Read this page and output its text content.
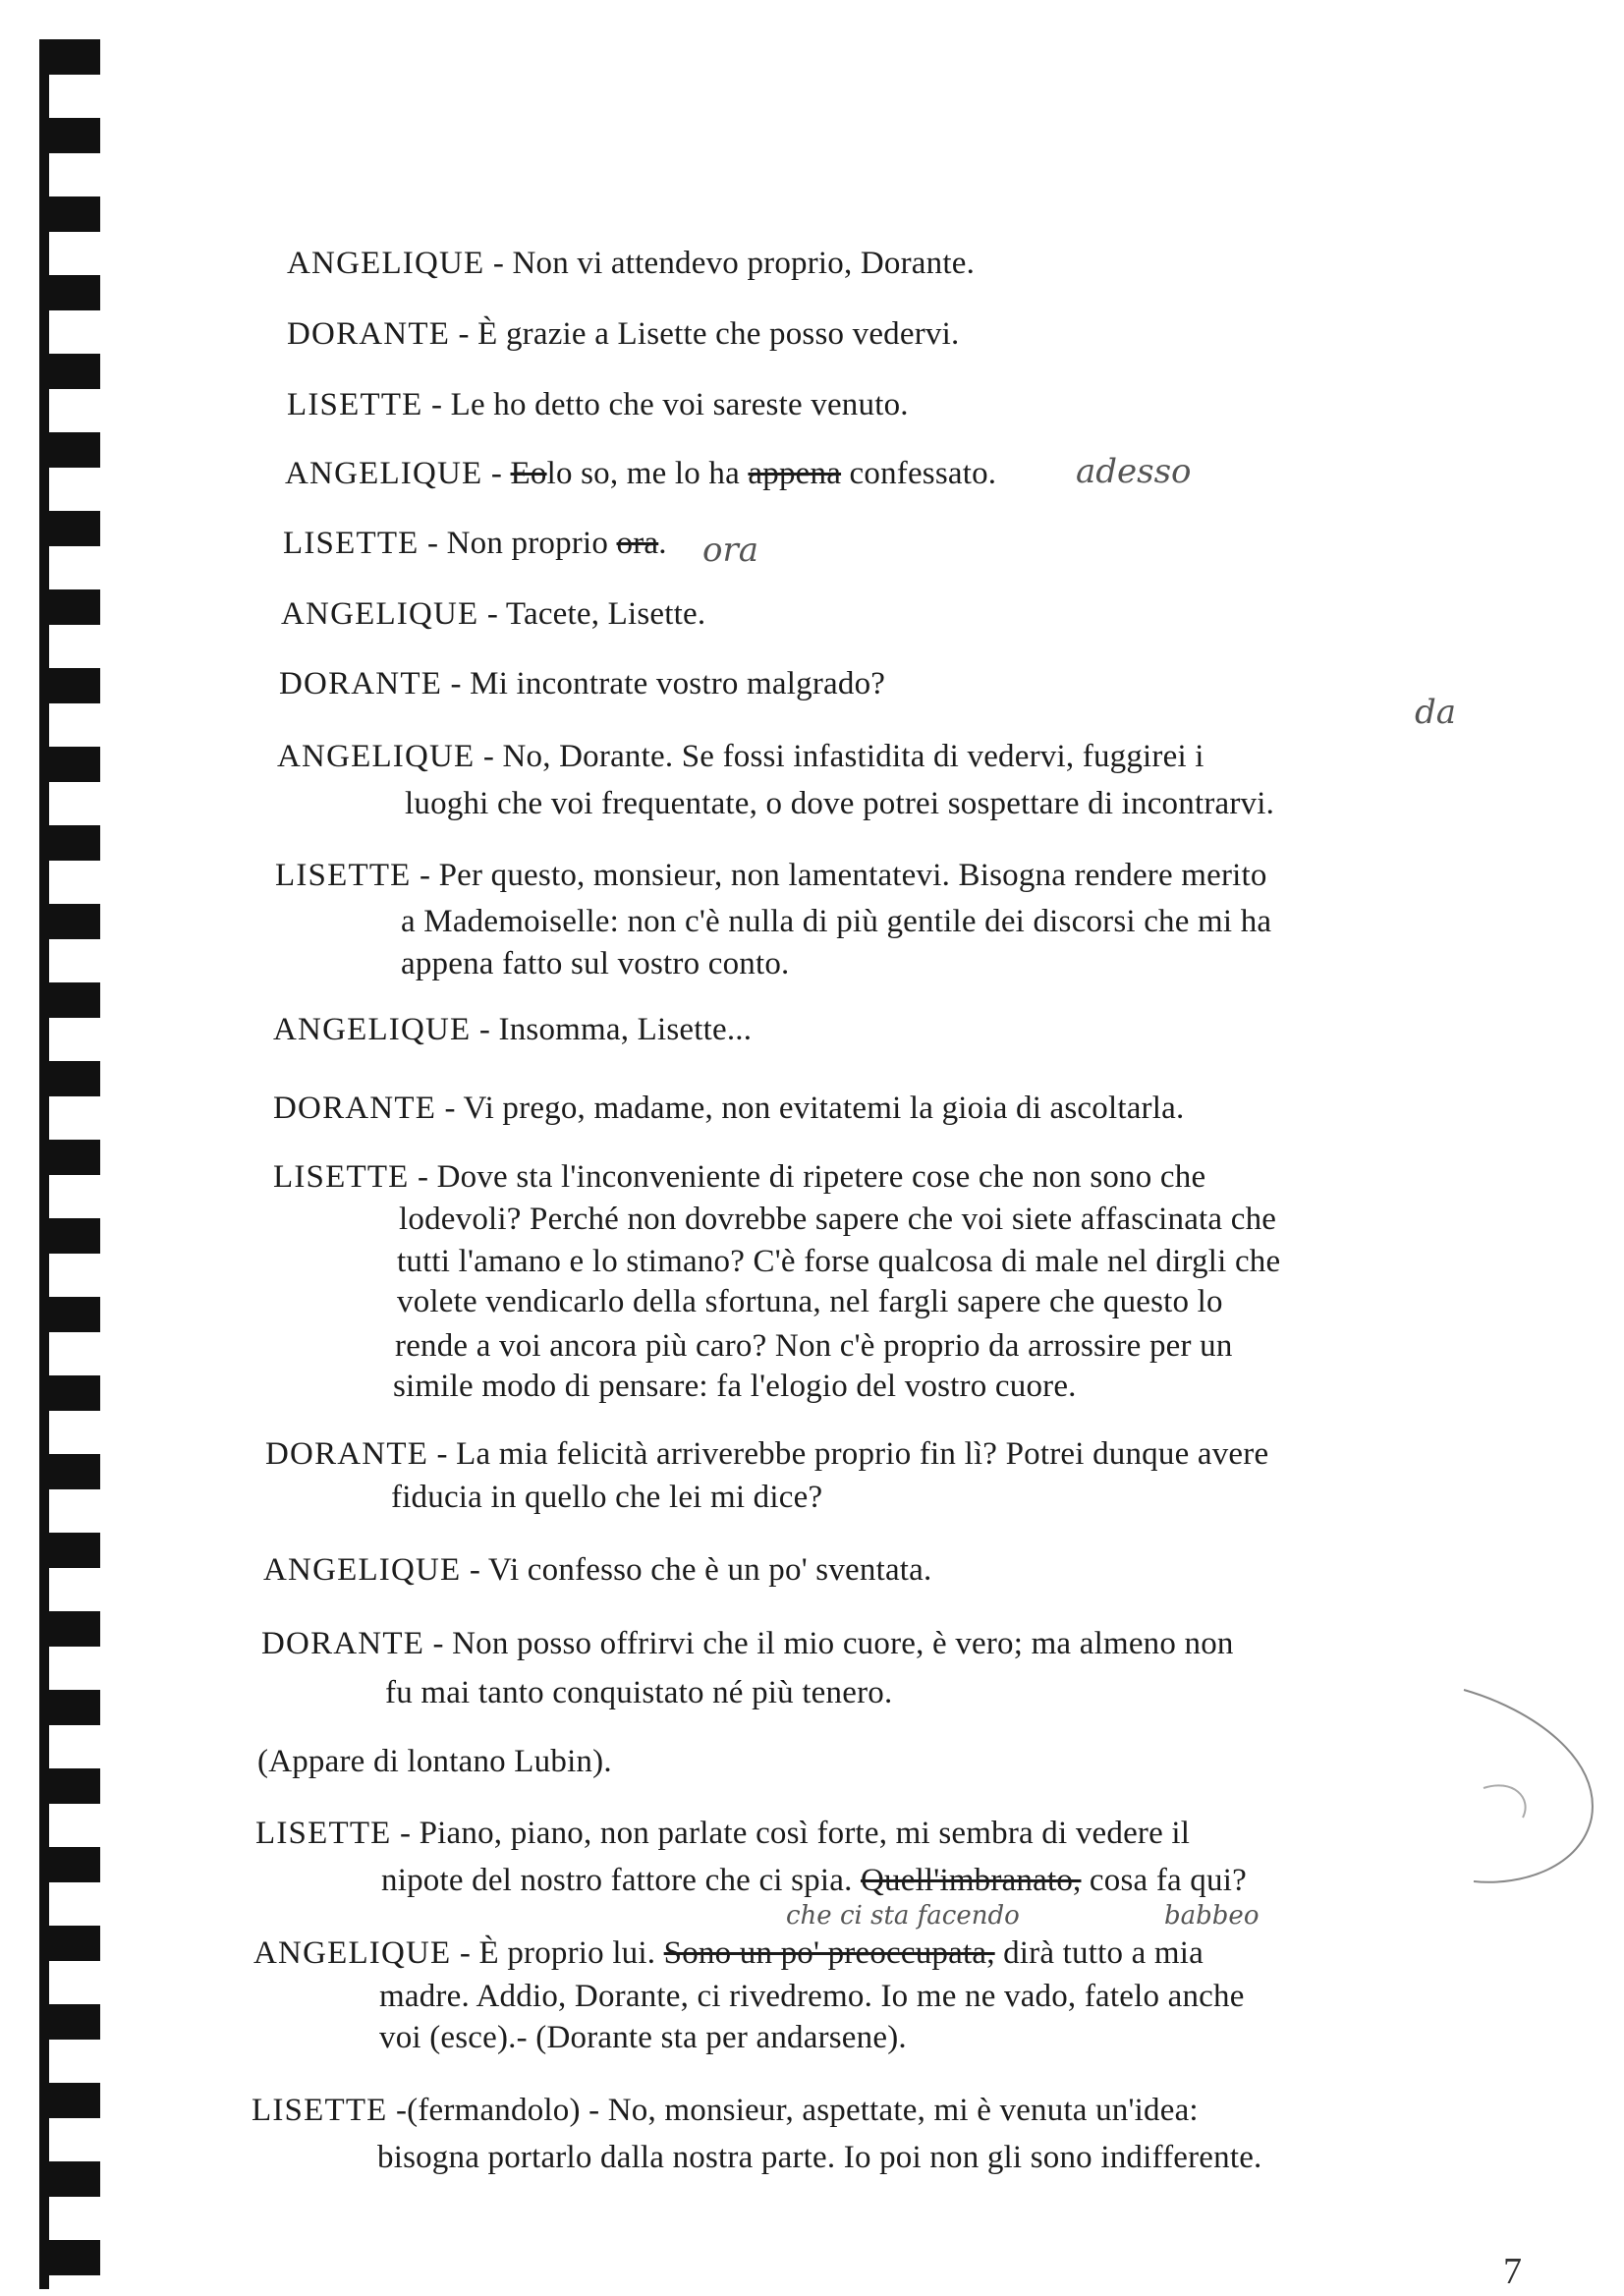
ANGELIQUE - Non vi attendevo proprio, Dorante.
DORANTE - È grazie a Lisette che posso vedervi.
LISETTE - Le ho detto che voi sareste venuto.
ANGELIQUE - Eolo so, me lo ha appena confessato. adesso
LISETTE - Non proprio ora. ora
ANGELIQUE - Tacete, Lisette.
DORANTE - Mi incontrate vostro malgrado?
ANGELIQUE - No, Dorante. Se fossi infastidita di vedervi, fuggirei i
da
luoghi che voi frequentate, o dove potrei sospettare di incontrarvi.
LISETTE - Per questo, monsieur, non lamentatevi. Bisogna rendere merito
a Mademoiselle: non c'è nulla di più gentile dei discorsi che mi ha
appena fatto sul vostro conto.
ANGELIQUE - Insomma, Lisette...
DORANTE - Vi prego, madame, non evitatemi la gioia di ascoltarla.
LISETTE - Dove sta l'inconveniente di ripetere cose che non sono che
lodevoli? Perché non dovrebbe sapere che voi siete affascinata che
tutti l'amano e lo stimano? C'è forse qualcosa di male nel dirgli che
volete vendicarlo della sfortuna, nel fargli sapere che questo lo
rende a voi ancora più caro? Non c'è proprio da arrossire per un
simile modo di pensare: fa l'elogio del vostro cuore.
DORANTE - La mia felicità arriverebbe proprio fin lì? Potrei dunque avere
fiducia in quello che lei mi dice?
ANGELIQUE - Vi confesso che è un po' sventata.
DORANTE - Non posso offrirvi che il mio cuore, è vero; ma almeno non
fu mai tanto conquistato né più tenero.
(Appare di lontano Lubin).
LISETTE - Piano, piano, non parlate così forte, mi sembra di vedere il
nipote del nostro fattore che ci spia. Quell'imbranato, cosa fa qui?
babbeo
ANGELIQUE - È proprio lui. Sono un po' preoccupata, dirà tutto a mia
che ci sta facendo
madre. Addio, Dorante, ci rivedremo. Io me ne vado, fatelo anche
voi (esce).- (Dorante sta per andarsene).
LISETTE -(fermandolo) - No, monsieur, aspettate, mi è venuta un'idea:
bisogna portarlo dalla nostra parte. Io poi non gli sono indifferente.
7
